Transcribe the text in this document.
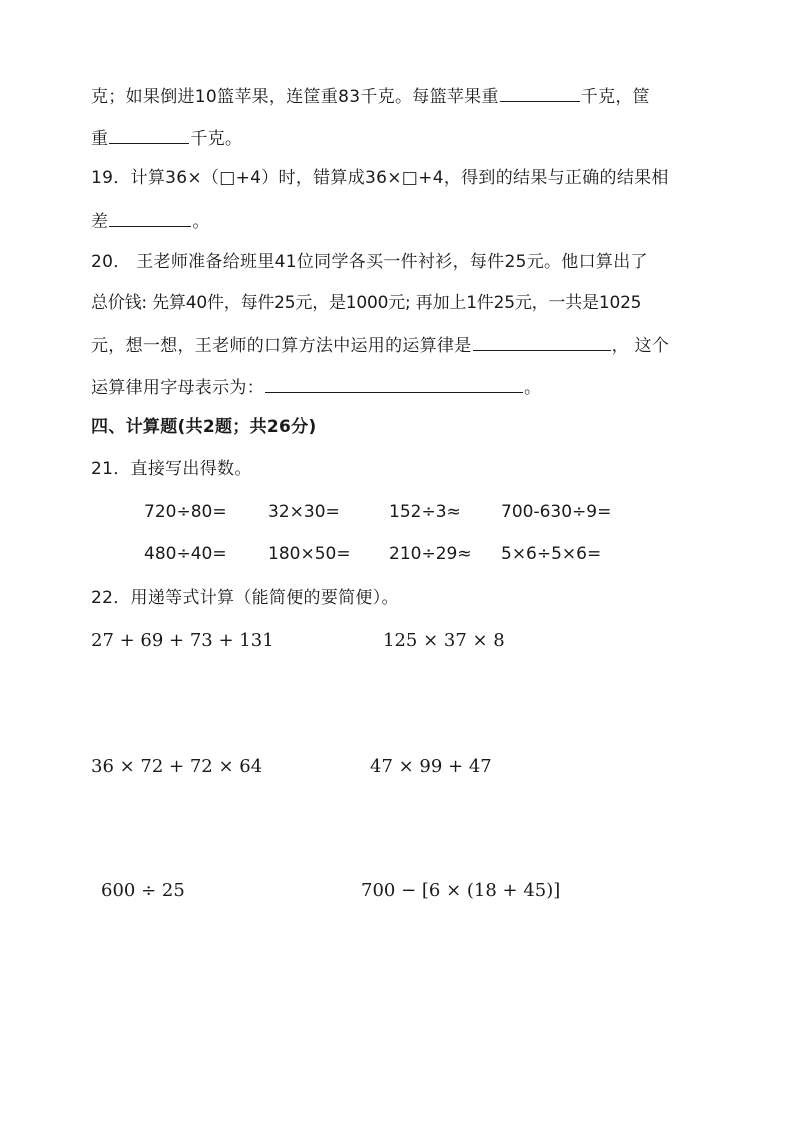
克；如果倒进10篮苹果，连筐重83千克。每篮苹果重	千克，筐
重	千克。
19．计算36×（□+4）时，错算成36×□+4，得到的结果与正确的结果相
差	。
20． 王老师准备给班里41位同学各买一件衬衫，每件25元。他口算出了
总价钱: 先算40件，每件25元，是1000元; 再加上1件25元，一共是1025
元，想一想，王老师的口算方法中运用的运算律是	， 这个
运算律用字母表示为：	。
四、计算题(共2题；共26分)
21．直接写出得数。
720÷80= 32×30=	152÷3≈ 700-630÷9=
480÷40= 180×50= 210÷29≈ 5×6÷5×6=
22．用递等式计算（能简便的要简便）。
27 + 69 + 73 + 131	125 × 37 × 8
36 × 72 + 72 × 64	47 × 99 + 47
600 ÷ 25	700 − [6 × (18 + 45)]
